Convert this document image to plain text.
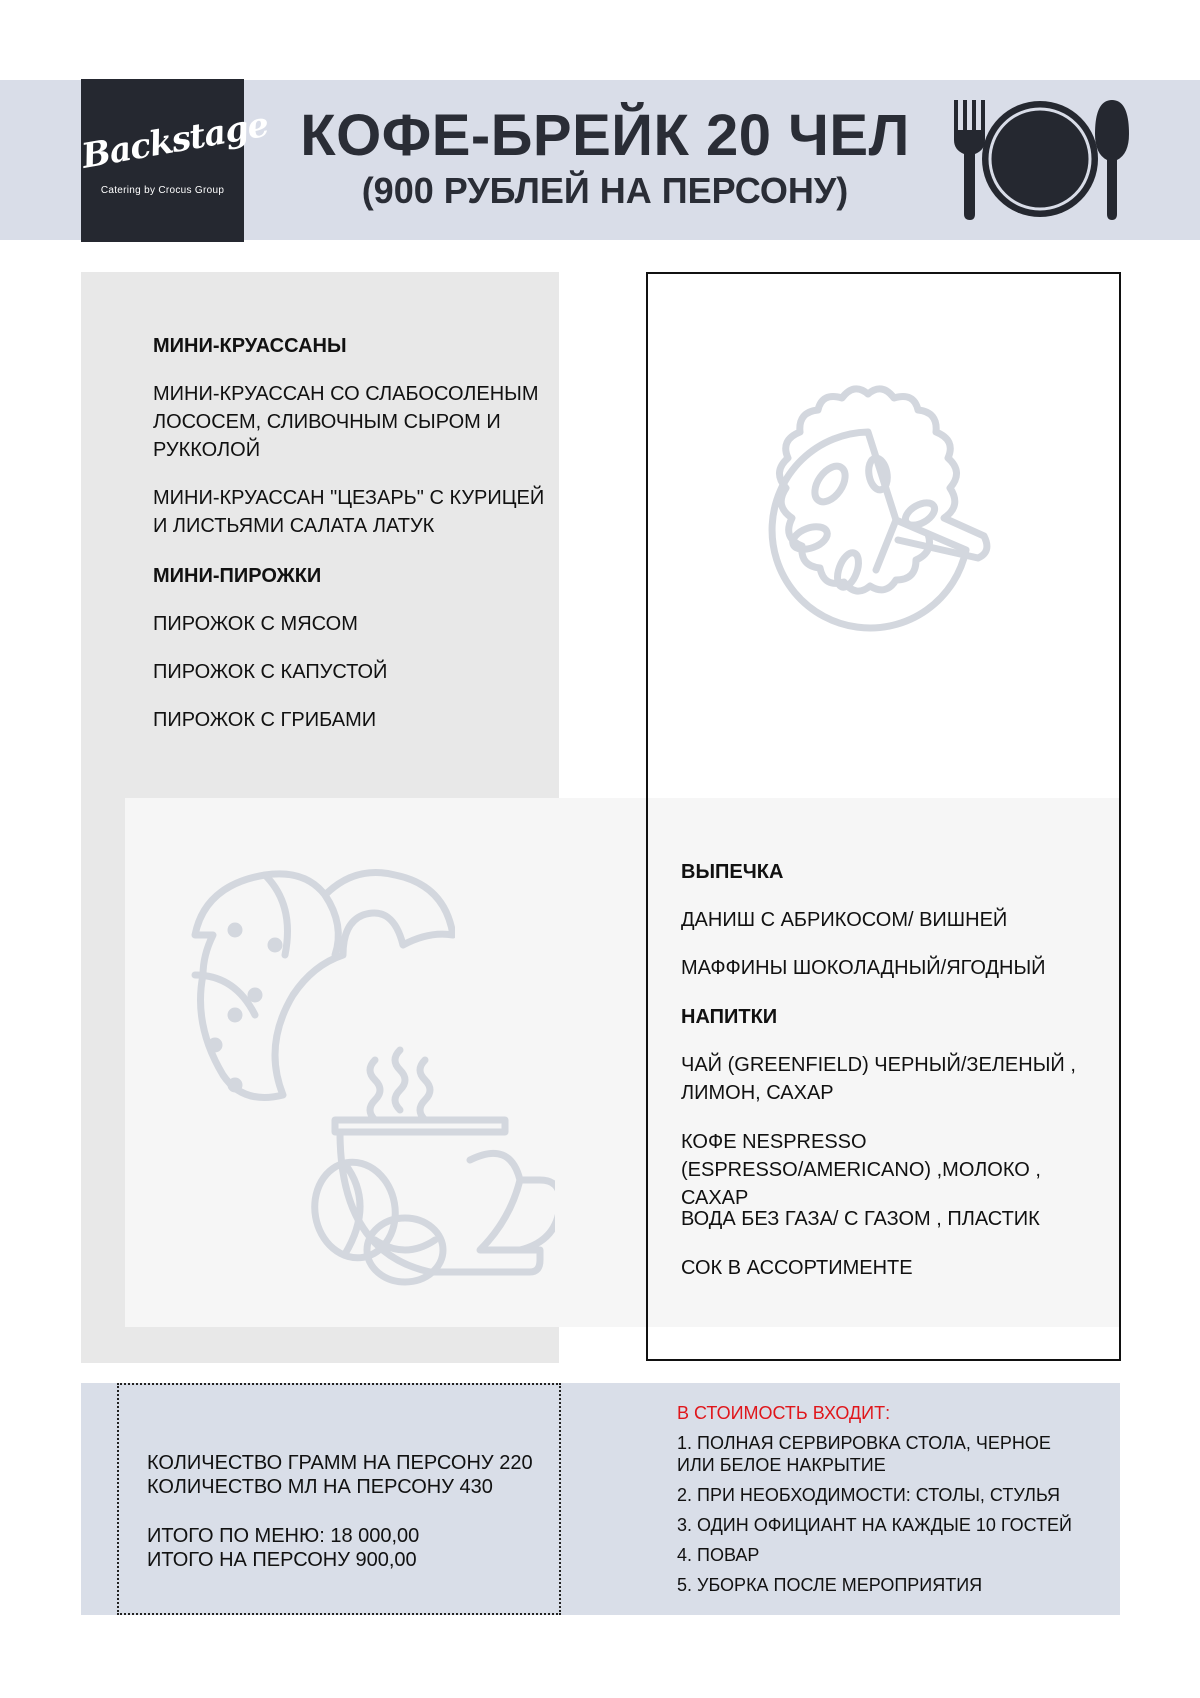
Backstage
Catering by Crocus Group
КОФЕ-БРЕЙК 20 ЧЕЛ
(900 РУБЛЕЙ НА ПЕРСОНУ)
МИНИ-КРУАССАНЫ
МИНИ-КРУАССАН СО СЛАБОСОЛЕНЫМ ЛОСОСЕМ, СЛИВОЧНЫМ СЫРОМ И РУККОЛОЙ
МИНИ-КРУАССАН "ЦЕЗАРЬ" С КУРИЦЕЙ И ЛИСТЬЯМИ САЛАТА ЛАТУК
МИНИ-ПИРОЖКИ
ПИРОЖОК С МЯСОМ
ПИРОЖОК С КАПУСТОЙ
ПИРОЖОК С ГРИБАМИ
ВЫПЕЧКА
ДАНИШ С АБРИКОСОМ/ ВИШНЕЙ
МАФФИНЫ ШОКОЛАДНЫЙ/ЯГОДНЫЙ
НАПИТКИ
ЧАЙ (GREENFIELD) ЧЕРНЫЙ/ЗЕЛЕНЫЙ , ЛИМОН, САХАР
КОФЕ NESPRESSO (ESPRESSO/AMERICANO) ,МОЛОКО , САХАР
ВОДА БЕЗ ГАЗА/ С ГАЗОМ , ПЛАСТИК
СОК В АССОРТИМЕНТЕ
КОЛИЧЕСТВО ГРАММ НА ПЕРСОНУ 220
КОЛИЧЕСТВО МЛ НА ПЕРСОНУ 430
ИТОГО ПО МЕНЮ: 18 000,00
ИТОГО НА ПЕРСОНУ 900,00
В СТОИМОСТЬ ВХОДИТ:
1. ПОЛНАЯ СЕРВИРОВКА СТОЛА, ЧЕРНОЕ ИЛИ БЕЛОЕ НАКРЫТИЕ
2. ПРИ НЕОБХОДИМОСТИ: СТОЛЫ, СТУЛЬЯ
3. ОДИН ОФИЦИАНТ НА КАЖДЫЕ 10 ГОСТЕЙ
4. ПОВАР
5. УБОРКА ПОСЛЕ МЕРОПРИЯТИЯ
